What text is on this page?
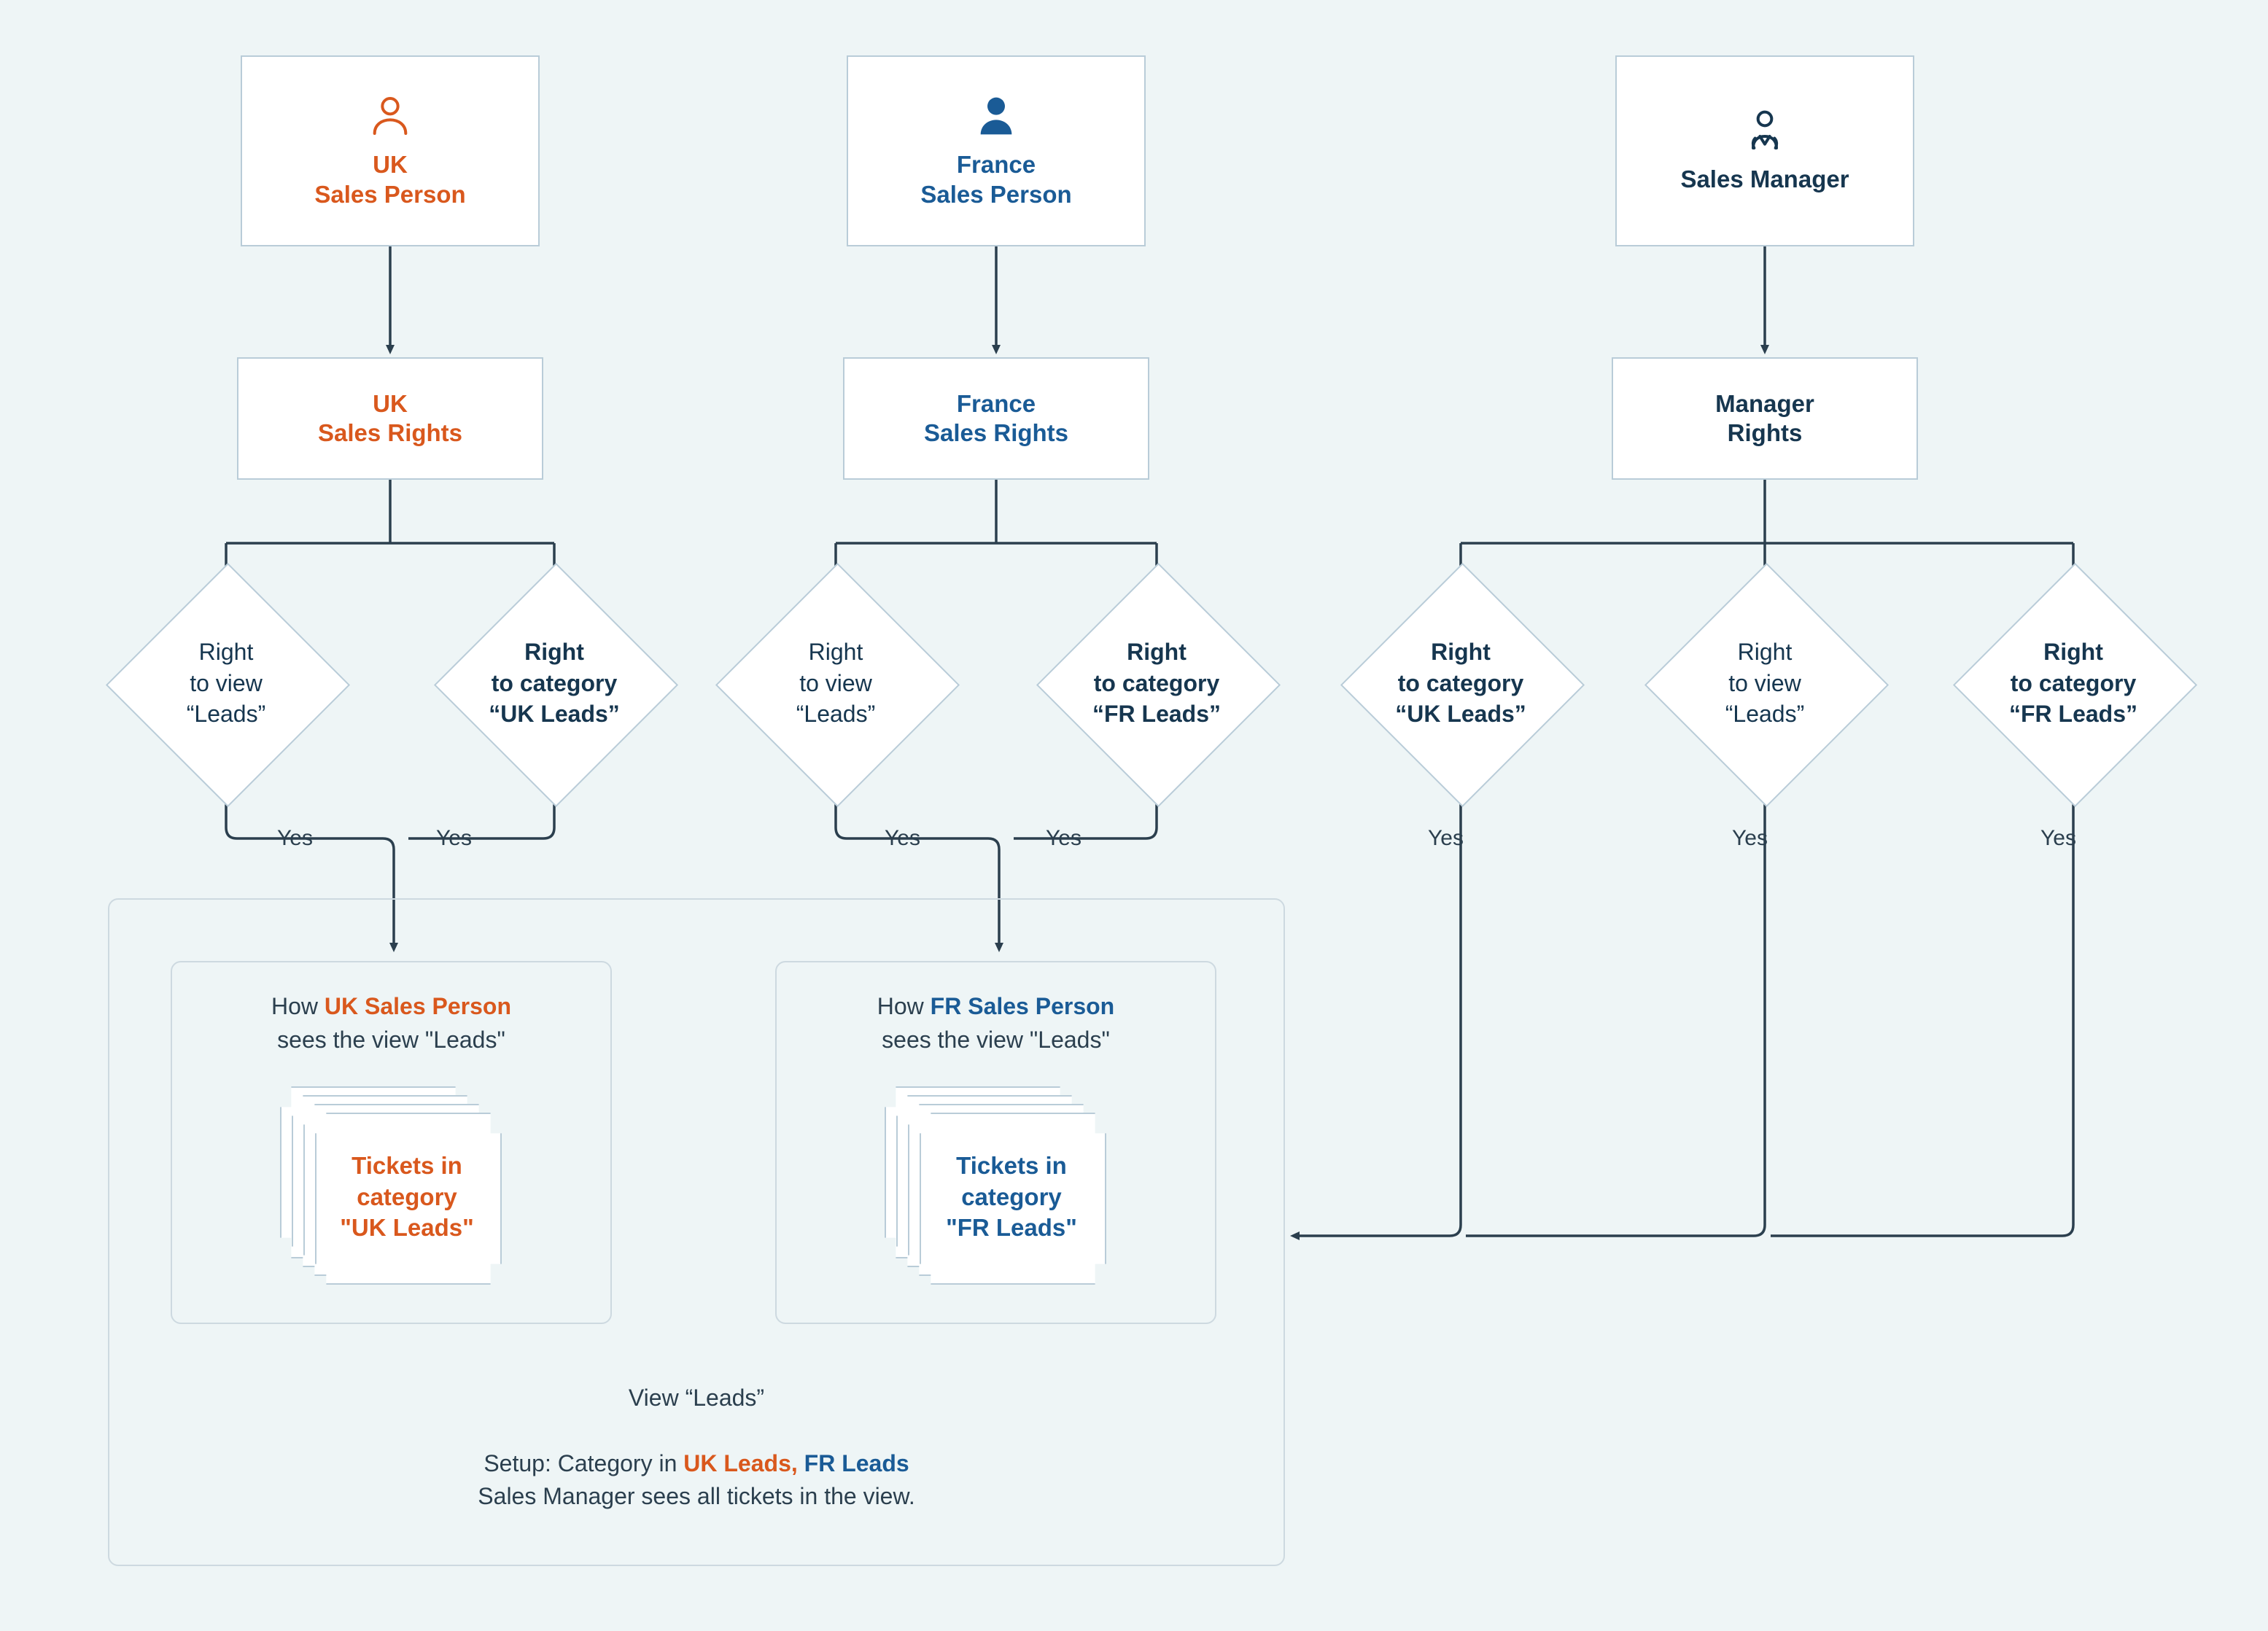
UK
Sales Person
France
Sales Person
Sales Manager
UK
Sales Rights
France
Sales Rights
Manager
Rights
Right
to view
“Leads”
Right
to category
“UK Leads”
Right
to view
“Leads”
Right
to category
“FR Leads”
Right
to category
“UK Leads”
Right
to view
“Leads”
Right
to category
“FR Leads”
Yes	Yes	Yes	Yes	Yes	Yes	Yes
How UK Sales Person
sees the view "Leads"
Tickets in
category
"UK Leads"
How FR Sales Person
sees the view "Leads"
Tickets in
category
"FR Leads"
View “Leads”
Setup: Category in UK Leads, FR Leads
Sales Manager sees all tickets in the view.
